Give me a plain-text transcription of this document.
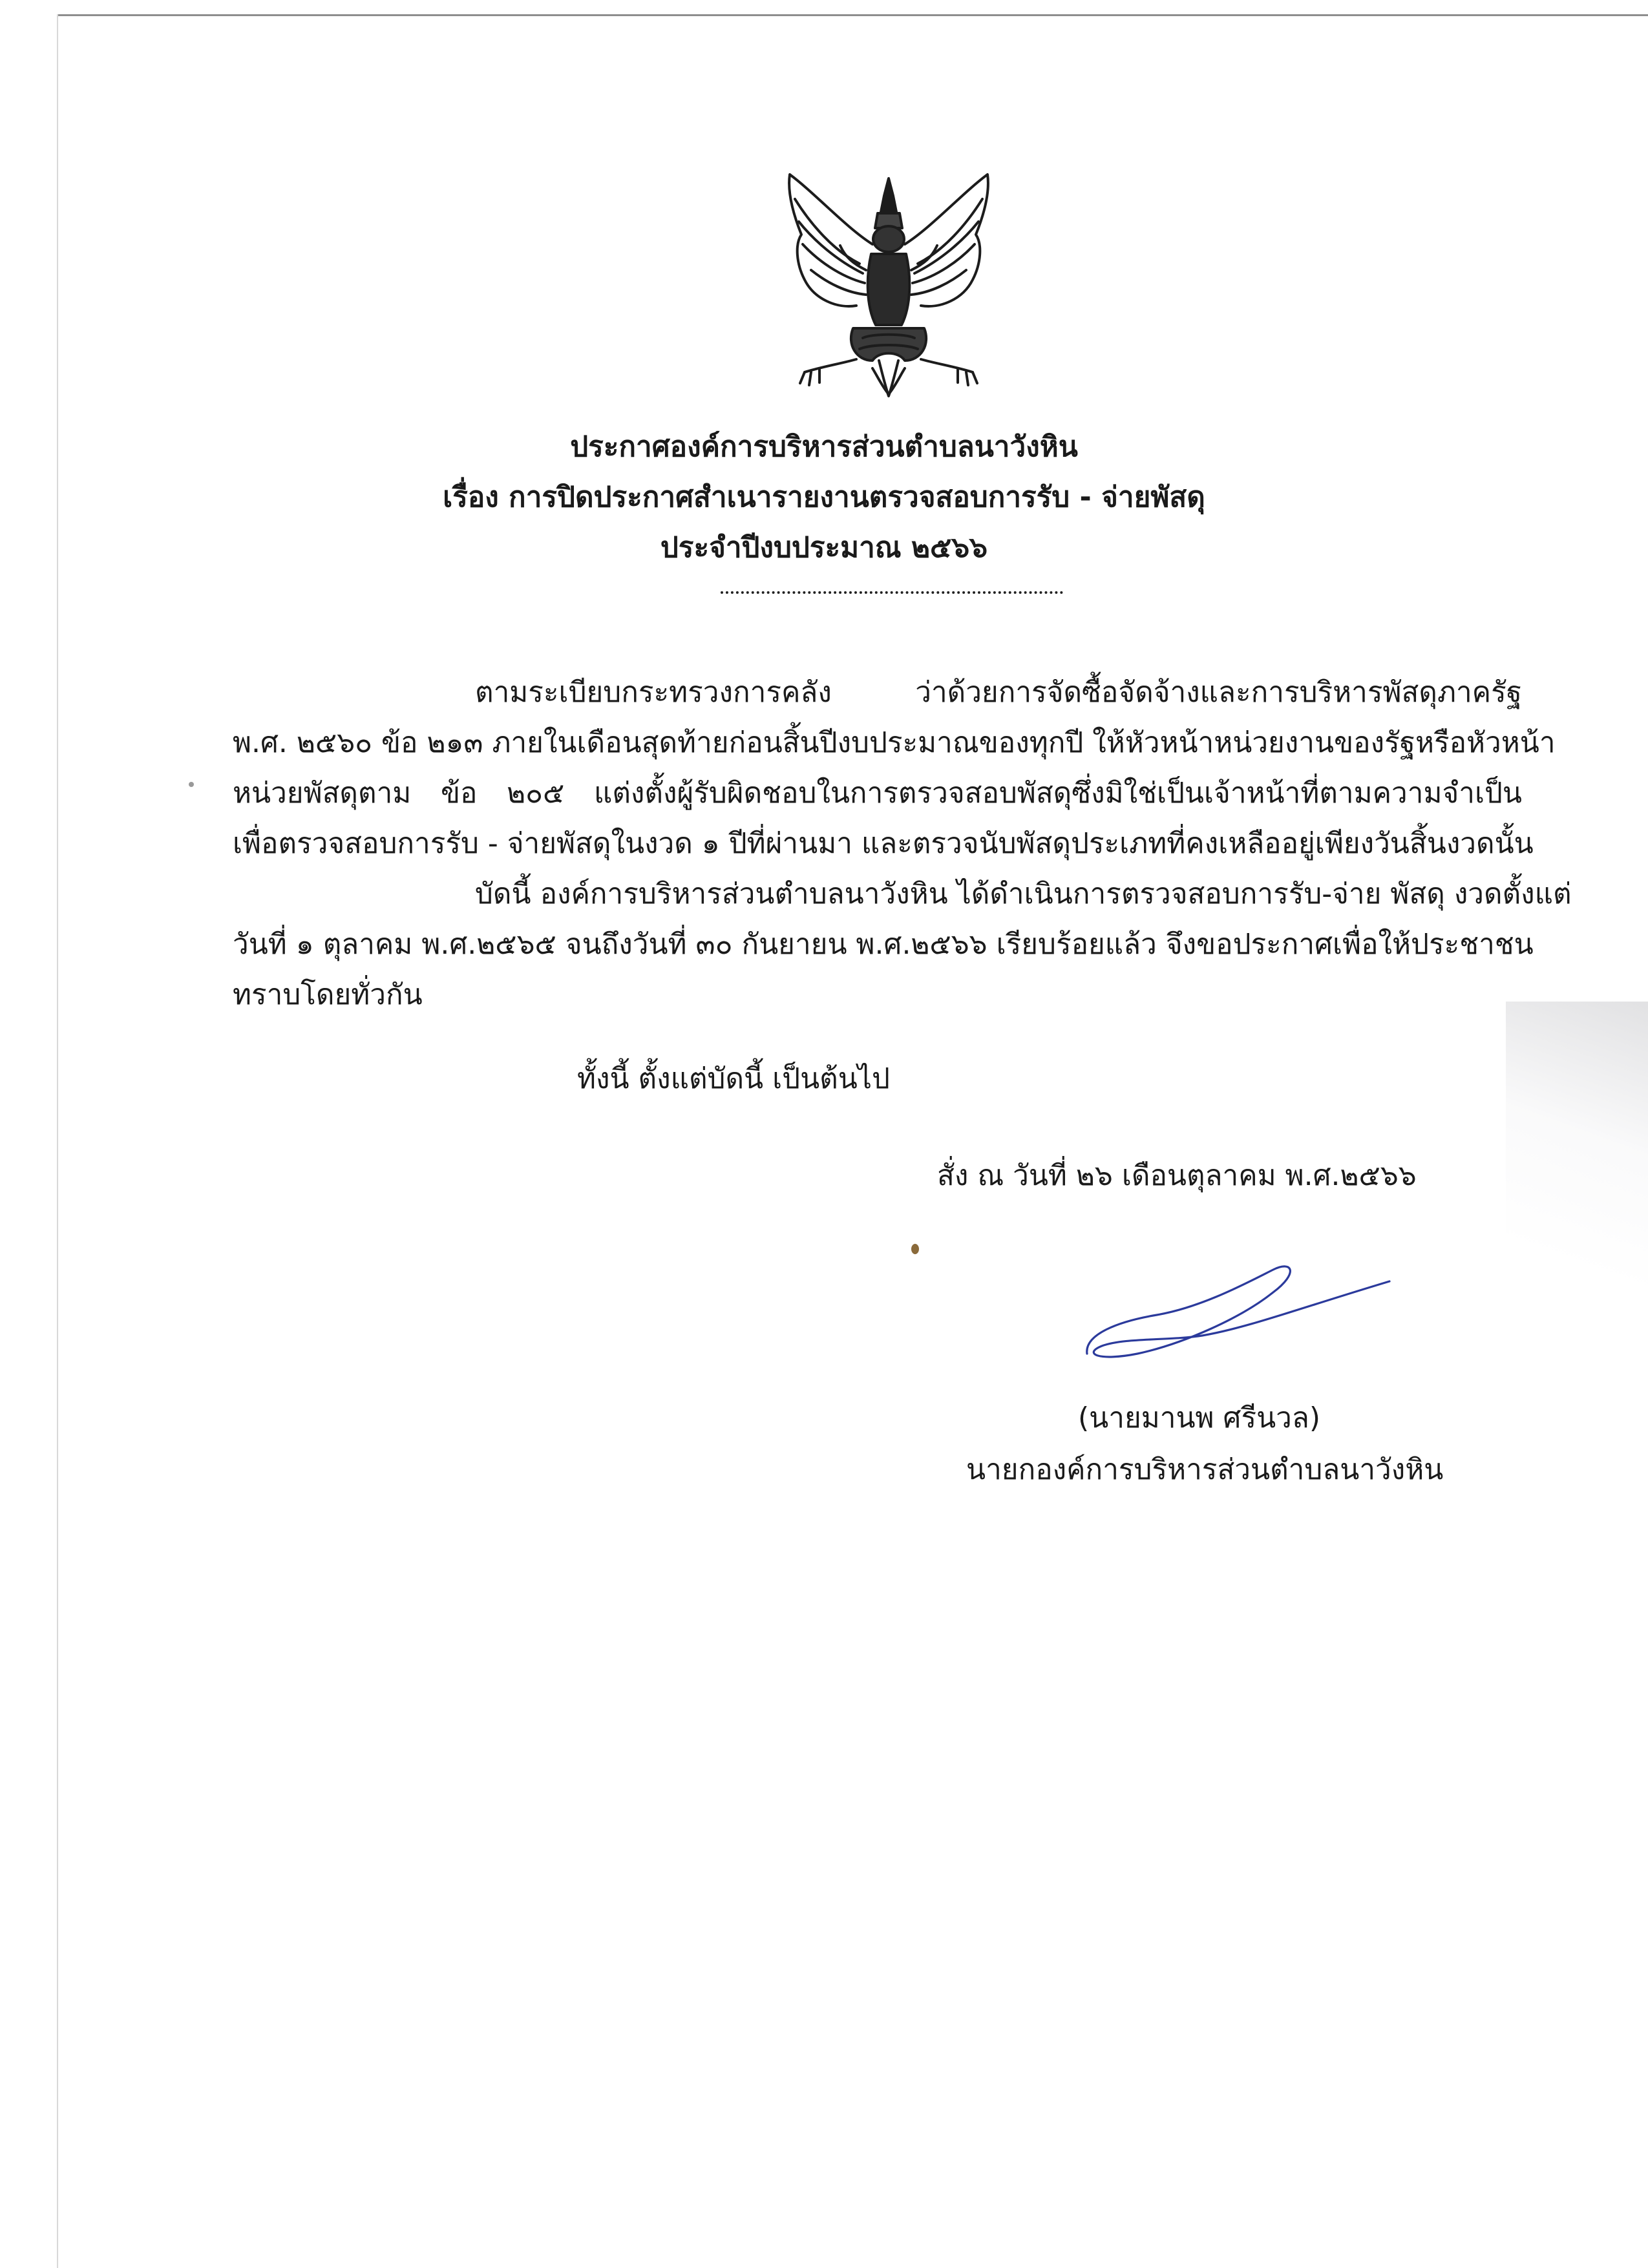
ประกาศองค์การบริหารส่วนตำบลนาวังหิน
เรื่อง การปิดประกาศสำเนารายงานตรวจสอบการรับ - จ่ายพัสดุ
ประจำปีงบประมาณ ๒๕๖๖
ตามระเบียบกระทรวงการคลัง ว่าด้วยการจัดซื้อจัดจ้างและการบริหารพัสดุภาครัฐ
พ.ศ. ๒๕๖๐ ข้อ ๒๑๓ ภายในเดือนสุดท้ายก่อนสิ้นปีงบประมาณของทุกปี ให้หัวหน้าหน่วยงานของรัฐหรือหัวหน้า
หน่วยพัสดุตาม ข้อ ๒๐๕ แต่งตั้งผู้รับผิดชอบในการตรวจสอบพัสดุซึ่งมิใช่เป็นเจ้าหน้าที่ตามความจำเป็น
เพื่อตรวจสอบการรับ - จ่ายพัสดุในงวด ๑ ปีที่ผ่านมา และตรวจนับพัสดุประเภทที่คงเหลืออยู่เพียงวันสิ้นงวดนั้น
บัดนี้ องค์การบริหารส่วนตำบลนาวังหิน ได้ดำเนินการตรวจสอบการรับ-จ่าย พัสดุ งวดตั้งแต่
วันที่ ๑ ตุลาคม พ.ศ.๒๕๖๕ จนถึงวันที่ ๓๐ กันยายน พ.ศ.๒๕๖๖ เรียบร้อยแล้ว จึงขอประกาศเพื่อให้ประชาชน
ทราบโดยทั่วกัน
ทั้งนี้ ตั้งแต่บัดนี้ เป็นต้นไป
สั่ง ณ วันที่ ๒๖ เดือนตุลาคม พ.ศ.๒๕๖๖
(นายมานพ ศรีนวล)
นายกองค์การบริหารส่วนตำบลนาวังหิน
